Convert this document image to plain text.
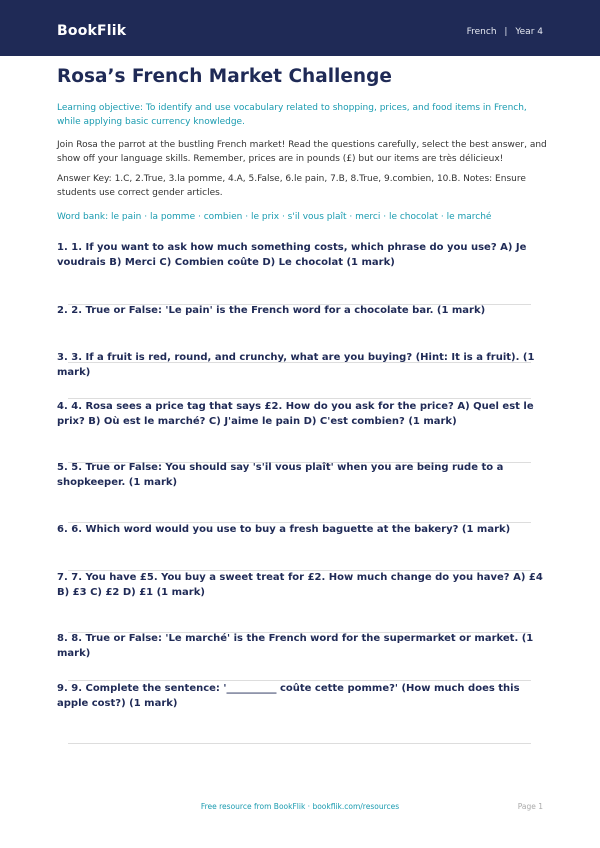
BookFlik	French | Year 4
Rosa’s French Market Challenge
Learning objective: To identify and use vocabulary related to shopping, prices, and food items in French, while applying basic currency knowledge.
Join Rosa the parrot at the bustling French market! Read the questions carefully, select the best answer, and show off your language skills. Remember, prices are in pounds (£) but our items are très délicieux!
Answer Key: 1.C, 2.True, 3.la pomme, 4.A, 5.False, 6.le pain, 7.B, 8.True, 9.combien, 10.B. Notes: Ensure students use correct gender articles.
Word bank: le pain · la pomme · combien · le prix · s'il vous plaît · merci · le chocolat · le marché
1. 1. If you want to ask how much something costs, which phrase do you use? A) Je voudrais B) Merci C) Combien coûte D) Le chocolat (1 mark)
2. 2. True or False: 'Le pain' is the French word for a chocolate bar. (1 mark)
3. 3. If a fruit is red, round, and crunchy, what are you buying? (Hint: It is a fruit). (1 mark)
4. 4. Rosa sees a price tag that says £2. How do you ask for the price? A) Quel est le prix? B) Où est le marché? C) J'aime le pain D) C'est combien? (1 mark)
5. 5. True or False: You should say 's'il vous plaît' when you are being rude to a shopkeeper. (1 mark)
6. 6. Which word would you use to buy a fresh baguette at the bakery? (1 mark)
7. 7. You have £5. You buy a sweet treat for £2. How much change do you have? A) £4 B) £3 C) £2 D) £1 (1 mark)
8. 8. True or False: 'Le marché' is the French word for the supermarket or market. (1 mark)
9. 9. Complete the sentence: '__________ coûte cette pomme?' (How much does this apple cost?) (1 mark)
Free resource from BookFlik · bookflik.com/resources	Page 1
